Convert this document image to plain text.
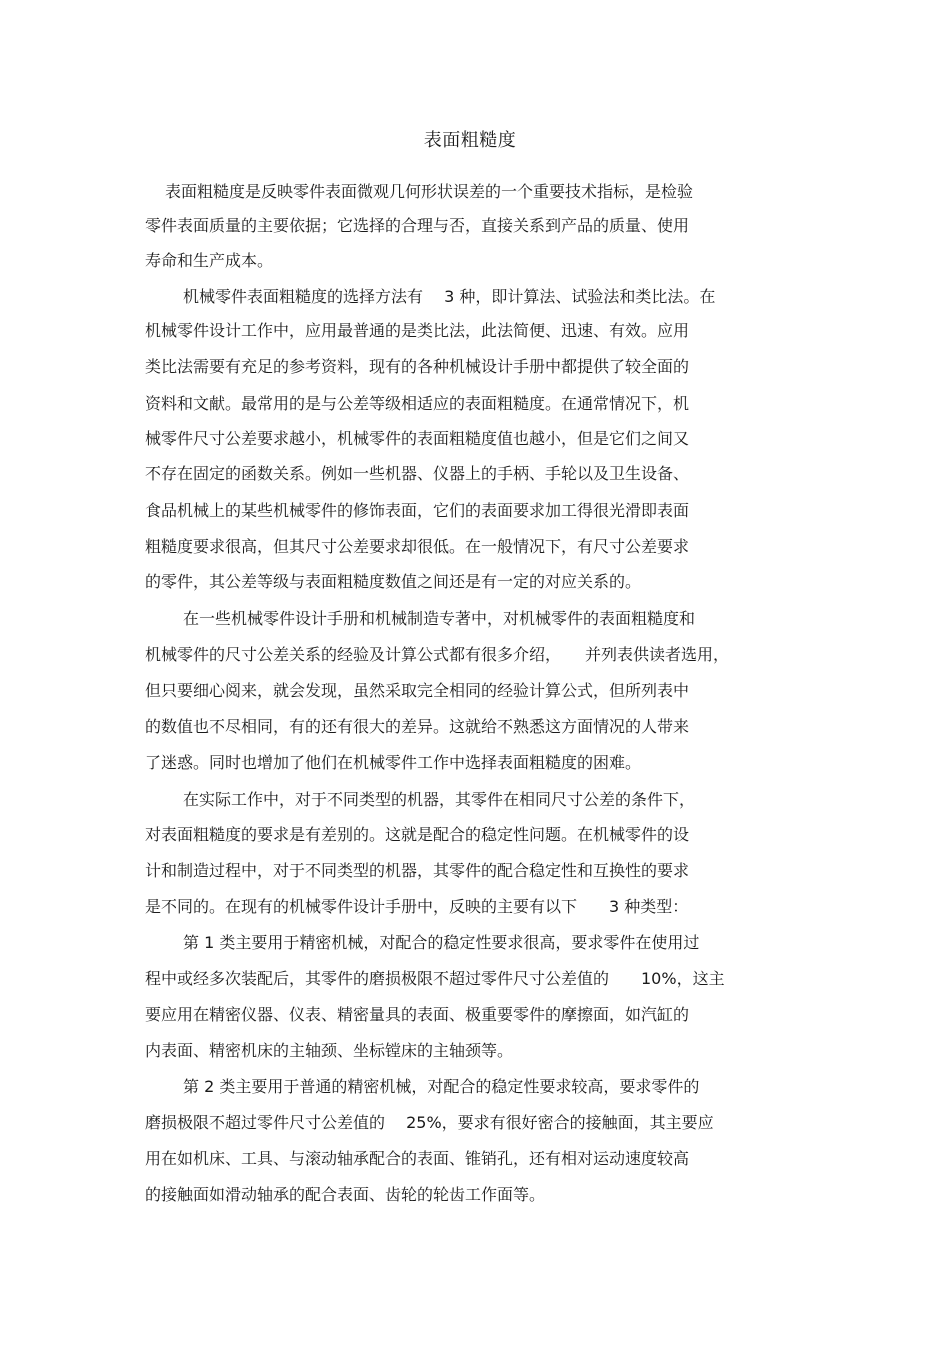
表面粗糙度
表面粗糙度是反映零件表面微观几何形状误差的一个重要技术指标，是检验
零件表面质量的主要依据；它选择的合理与否，直接关系到产品的质量、使用
寿命和生产成本。
机械零件表面粗糙度的选择方法有　 3 种，即计算法、试验法和类比法。在
机械零件设计工作中，应用最普通的是类比法，此法简便、迅速、有效。应用
类比法需要有充足的参考资料，现有的各种机械设计手册中都提供了较全面的
资料和文献。最常用的是与公差等级相适应的表面粗糙度。在通常情况下，机
械零件尺寸公差要求越小，机械零件的表面粗糙度值也越小，但是它们之间又
不存在固定的函数关系。例如一些机器、仪器上的手柄、手轮以及卫生设备、
食品机械上的某些机械零件的修饰表面，它们的表面要求加工得很光滑即表面
粗糙度要求很高，但其尺寸公差要求却很低。在一般情况下，有尺寸公差要求
的零件，其公差等级与表面粗糙度数值之间还是有一定的对应关系的。
在一些机械零件设计手册和机械制造专著中，对机械零件的表面粗糙度和
机械零件的尺寸公差关系的经验及计算公式都有很多介绍，　　并列表供读者选用，
但只要细心阅来，就会发现，虽然采取完全相同的经验计算公式，但所列表中
的数值也不尽相同，有的还有很大的差异。这就给不熟悉这方面情况的人带来
了迷惑。同时也增加了他们在机械零件工作中选择表面粗糙度的困难。
在实际工作中，对于不同类型的机器，其零件在相同尺寸公差的条件下，
对表面粗糙度的要求是有差别的。这就是配合的稳定性问题。在机械零件的设
计和制造过程中，对于不同类型的机器，其零件的配合稳定性和互换性的要求
是不同的。在现有的机械零件设计手册中，反映的主要有以下　　3 种类型：
第 1 类主要用于精密机械，对配合的稳定性要求很高，要求零件在使用过
程中或经多次装配后，其零件的磨损极限不超过零件尺寸公差值的　　10%，这主
要应用在精密仪器、仪表、精密量具的表面、极重要零件的摩擦面，如汽缸的
内表面、精密机床的主轴颈、坐标镗床的主轴颈等。
第 2 类主要用于普通的精密机械，对配合的稳定性要求较高，要求零件的
磨损极限不超过零件尺寸公差值的　 25%，要求有很好密合的接触面，其主要应
用在如机床、工具、与滚动轴承配合的表面、锥销孔，还有相对运动速度较高
的接触面如滑动轴承的配合表面、齿轮的轮齿工作面等。
